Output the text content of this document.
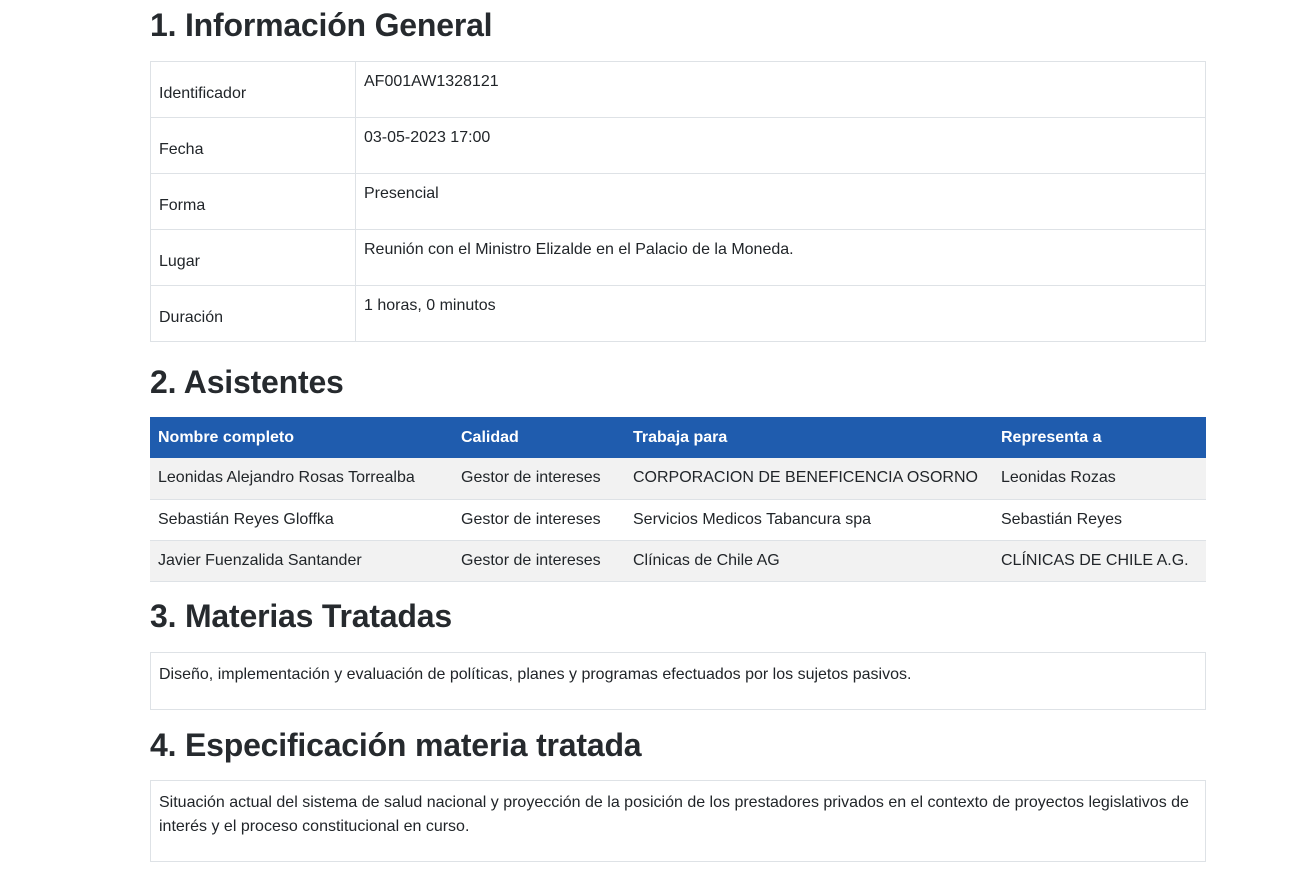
1. Información General
Identificador	AF001AW1328121
Fecha	03-05-2023 17:00
Forma	Presencial
Lugar	Reunión con el Ministro Elizalde en el Palacio de la Moneda.
Duración	1 horas, 0 minutos
2. Asistentes
Nombre completo	Calidad	Trabaja para	Representa a
Leonidas Alejandro Rosas Torrealba	Gestor de intereses	CORPORACION DE BENEFICENCIA OSORNO	Leonidas Rozas
Sebastián Reyes Gloffka	Gestor de intereses	Servicios Medicos Tabancura spa	Sebastián Reyes
Javier Fuenzalida Santander	Gestor de intereses	Clínicas de Chile AG	CLÍNICAS DE CHILE A.G.
3. Materias Tratadas
Diseño, implementación y evaluación de políticas, planes y programas efectuados por los sujetos pasivos.
4. Especificación materia tratada
Situación actual del sistema de salud nacional y proyección de la posición de los prestadores privados en el contexto de proyectos legislativos de interés y el proceso constitucional en curso.
